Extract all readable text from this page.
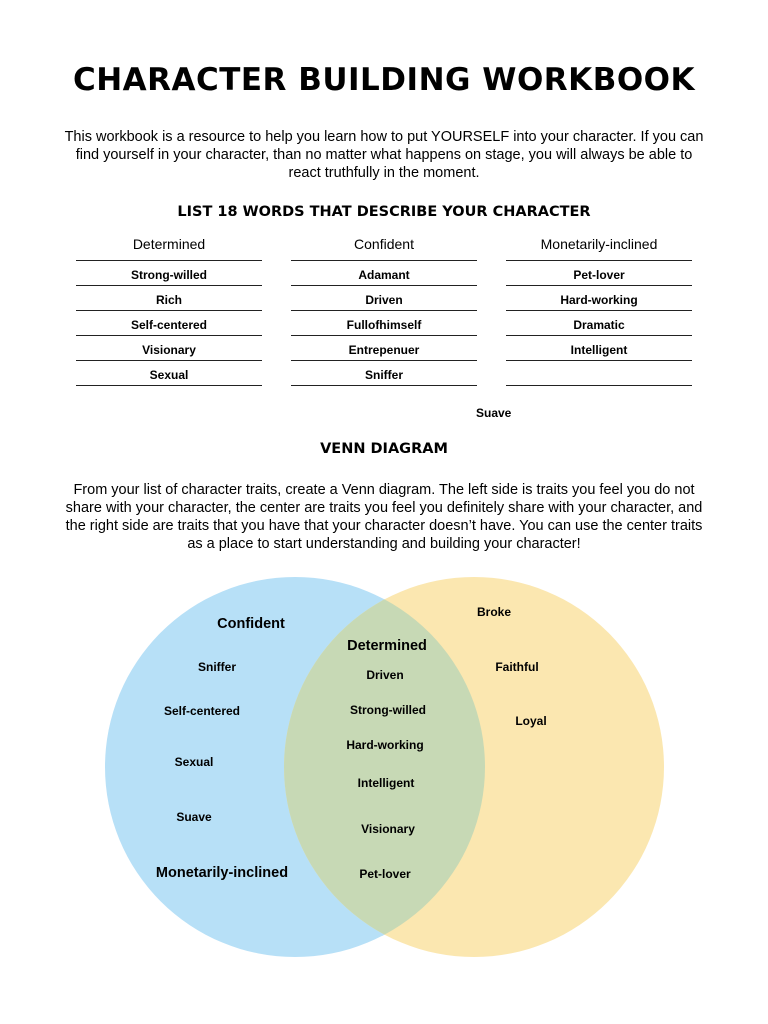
CHARACTER BUILDING WORKBOOK
This workbook is a resource to help you learn how to put YOURSELF into your character. If you can find yourself in your character, than no matter what happens on stage, you will always be able to react truthfully in the moment.
LIST 18 WORDS THAT DESCRIBE YOUR CHARACTER
Determined
Strong-willed
Rich
Self-centered
Visionary
Sexual
Confident
Adamant
Driven
Fullofhimself
Entrepenuer
Sniffer
Monetarily-inclined
Pet-lover
Hard-working
Dramatic
Intelligent
Suave
VENN DIAGRAM
From your list of character traits, create a Venn diagram. The left side is traits you feel you do not share with your character, the center are traits you feel you definitely share with your character, and the right side are traits that you have that your character doesn’t have. You can use the center traits as a place to start understanding and building your character!
Confident
Sniffer
Self-centered
Sexual
Suave
Monetarily-inclined
Determined
Driven
Strong-willed
Hard-working
Intelligent
Visionary
Pet-lover
Broke
Faithful
Loyal
